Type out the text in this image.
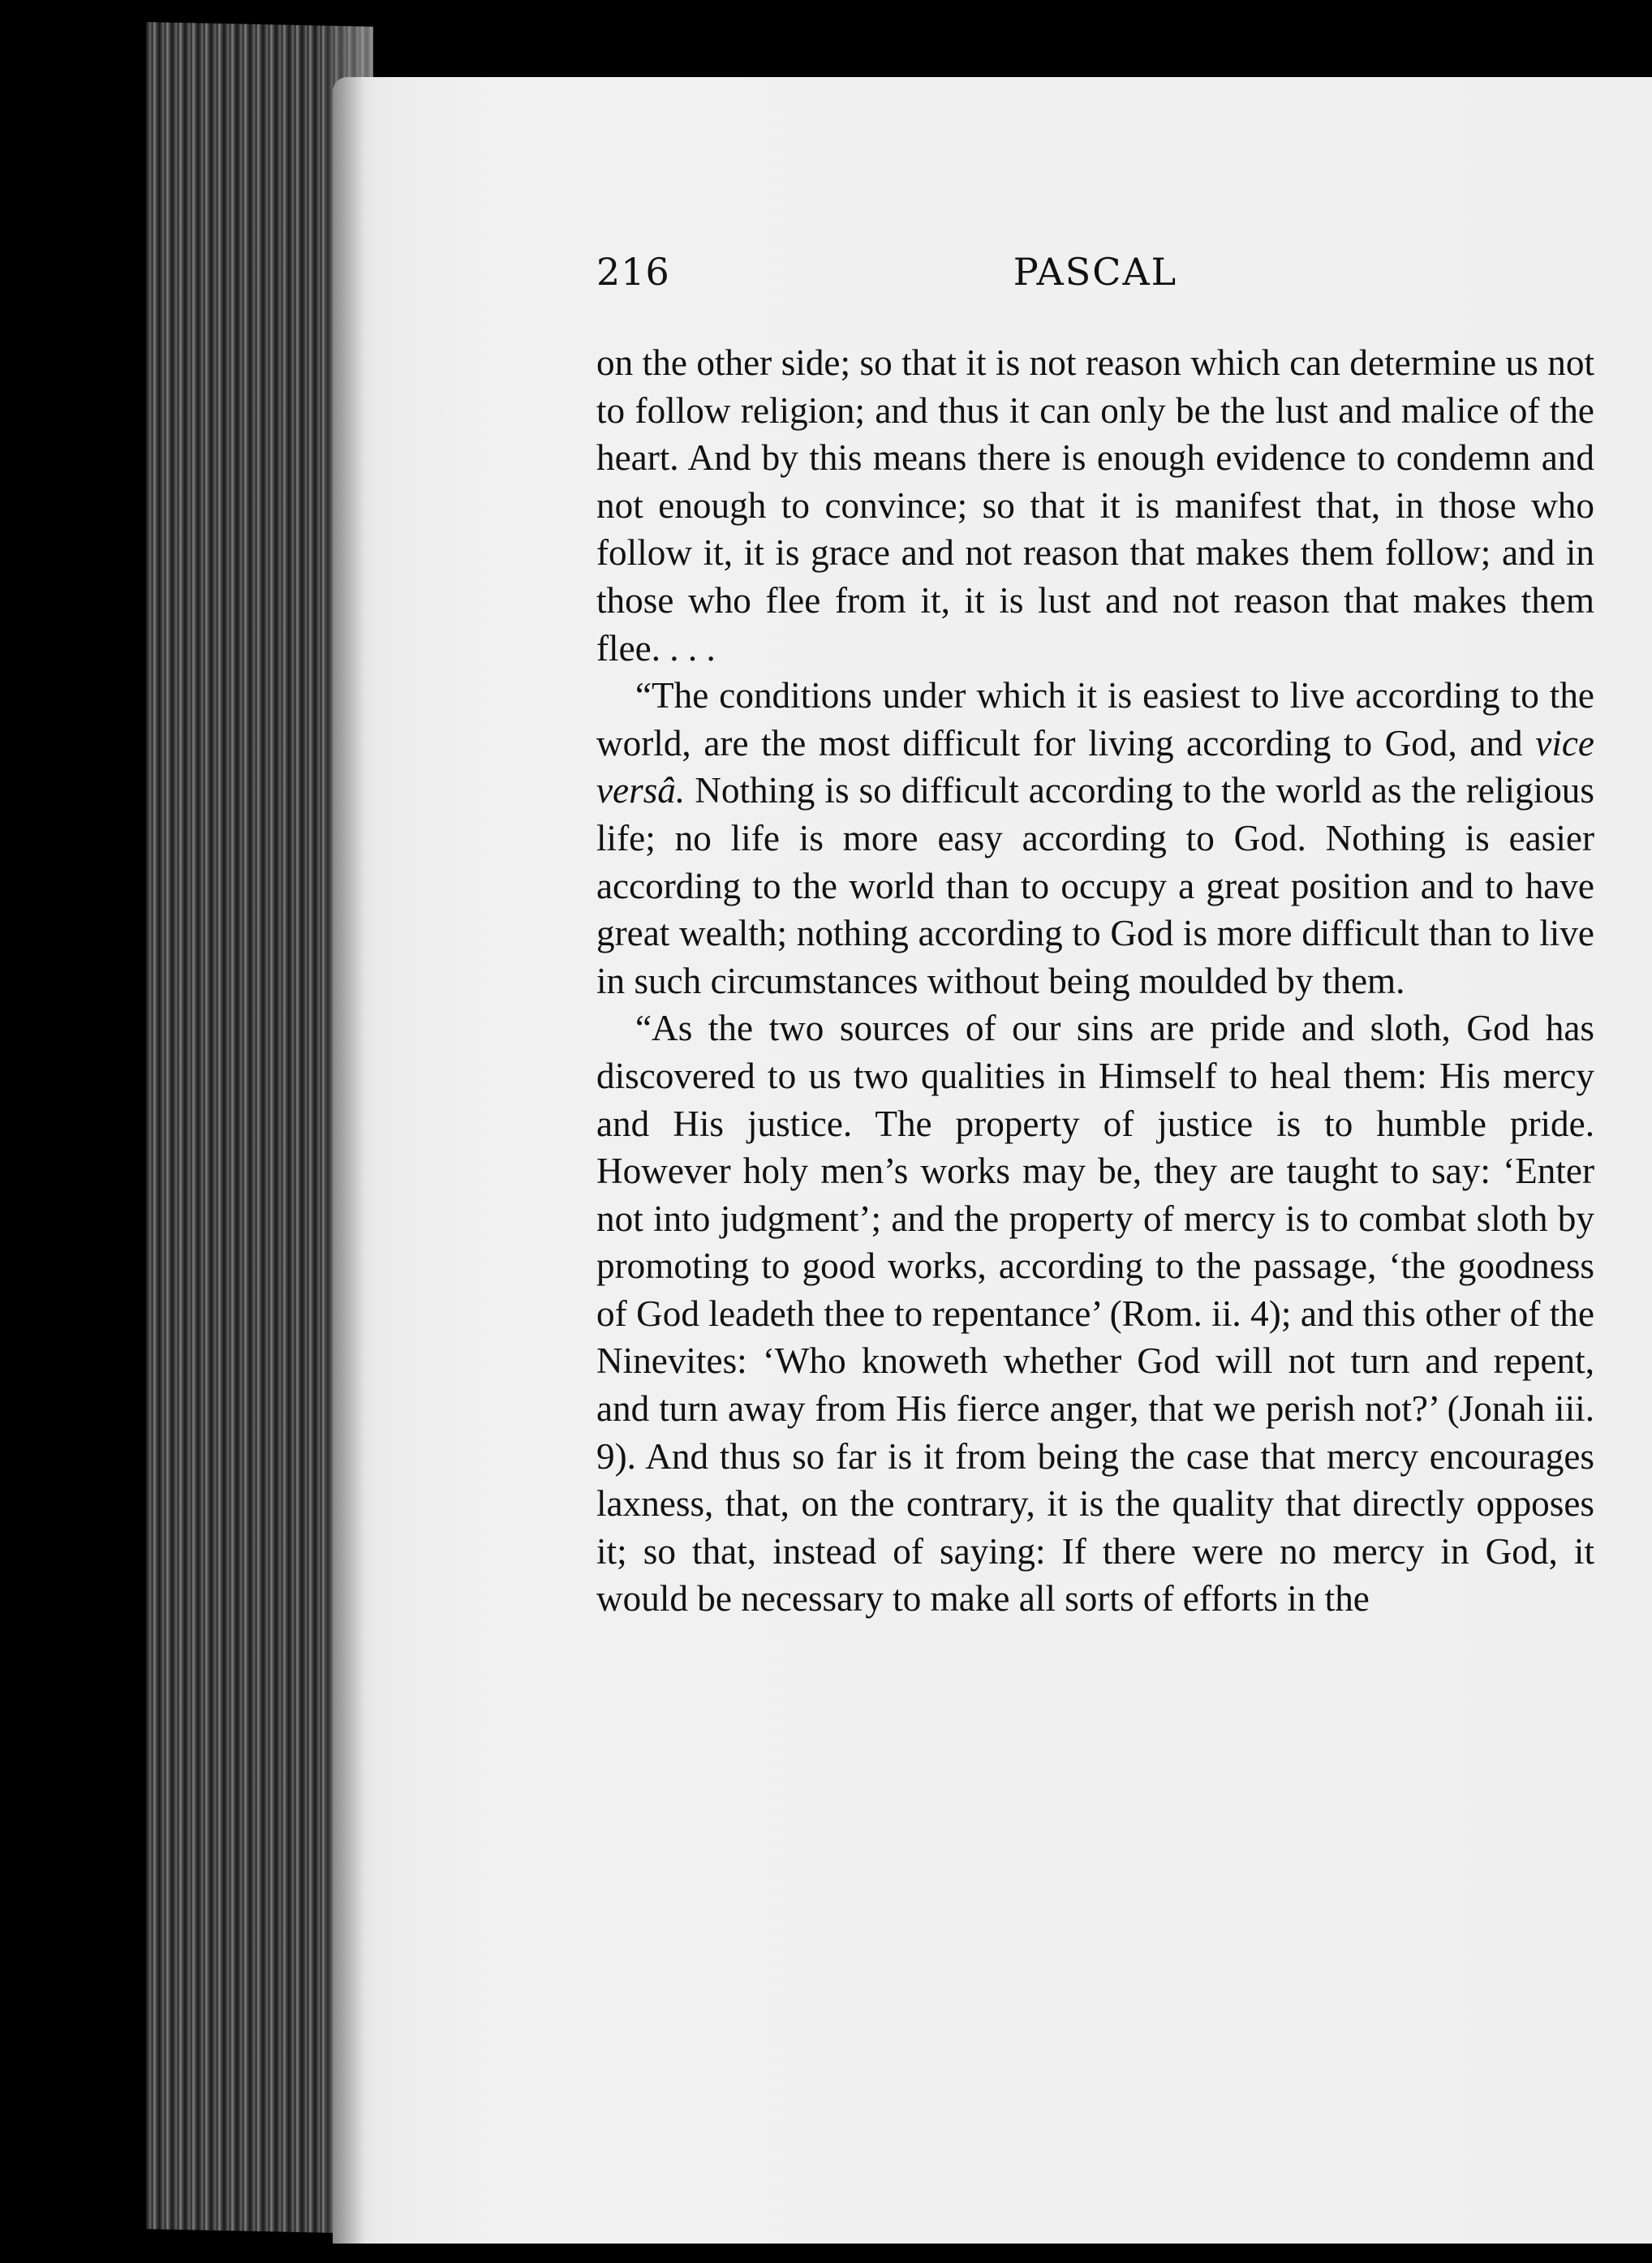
216	PASCAL

on the other side; so that it is not reason which can determine us not to follow religion; and thus it can only be the lust and malice of the heart. And by this means there is enough evidence to condemn and not enough to convince; so that it is manifest that, in those who follow it, it is grace and not reason that makes them follow; and in those who flee from it, it is lust and not reason that makes them flee. . . .

“The conditions under which it is easiest to live according to the world, are the most difficult for living according to God, and vice versâ. Nothing is so difficult according to the world as the religious life; no life is more easy according to God. Nothing is easier according to the world than to occupy a great position and to have great wealth; nothing according to God is more difficult than to live in such circumstances without being moulded by them.

“As the two sources of our sins are pride and sloth, God has discovered to us two qualities in Himself to heal them: His mercy and His justice. The property of justice is to humble pride. However holy men’s works may be, they are taught to say: ‘Enter not into judgment’; and the property of mercy is to combat sloth by promoting to good works, according to the passage, ‘the goodness of God leadeth thee to repentance’ (Rom. ii. 4); and this other of the Ninevites: ‘Who knoweth whether God will not turn and repent, and turn away from His fierce anger, that we perish not?’ (Jonah iii. 9). And thus so far is it from being the case that mercy encourages laxness, that, on the contrary, it is the quality that directly opposes it; so that, instead of saying: If there were no mercy in God, it would be necessary to make all sorts of efforts in the
